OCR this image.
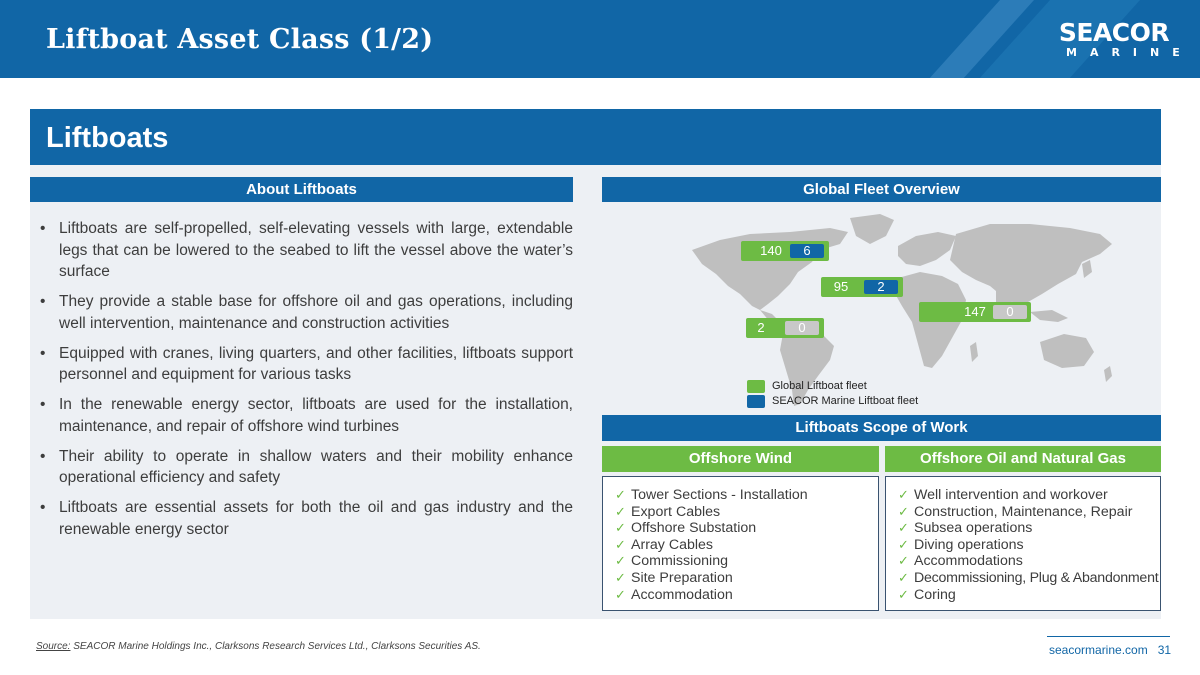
Liftboat Asset Class (1/2)	SEACOR
MARINE
Liftboats
About Liftboats
• Liftboats are self-propelled, self-elevating vessels with large, extendable legs that can be lowered to the seabed to lift the vessel above the water’s surface
• They provide a stable base for offshore oil and gas operations, including well intervention, maintenance and construction activities
• Equipped with cranes, living quarters, and other facilities, liftboats support personnel and equipment for various tasks
• In the renewable energy sector, liftboats are used for the installation, maintenance, and repair of offshore wind turbines
• Their ability to operate in shallow waters and their mobility enhance operational efficiency and safety
• Liftboats are essential assets for both the oil and gas industry and the renewable energy sector
Global Fleet Overview
140	6
95	2
147	0
2	0
Global Liftboat fleet
SEACOR Marine Liftboat fleet
Liftboats Scope of Work
Offshore Wind	Offshore Oil and Natural Gas
✓ Tower Sections - Installation
✓ Export Cables
✓ Offshore Substation
✓ Array Cables
✓ Commissioning
✓ Site Preparation
✓ Accommodation
✓ Well intervention and workover
✓ Construction, Maintenance, Repair
✓ Subsea operations
✓ Diving operations
✓ Accommodations
✓ Decommissioning, Plug & Abandonment
✓ Coring
Source: SEACOR Marine Holdings Inc., Clarksons Research Services Ltd., Clarksons Securities AS.	seacormarine.com 31
